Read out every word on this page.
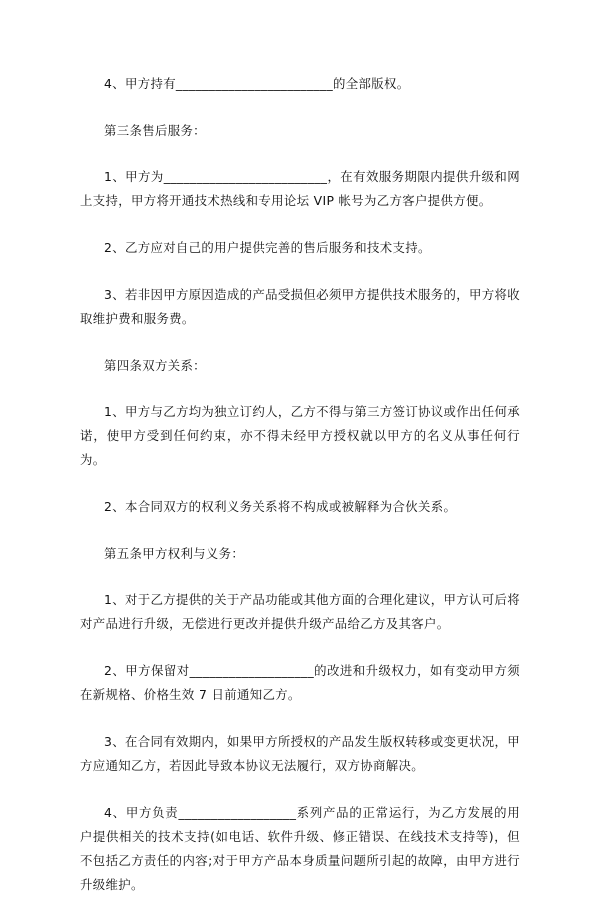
4、甲方持有________________________的全部版权。

第三条售后服务：

1、甲方为_________________________，在有效服务期限内提供升级和网上支持，甲方将开通技术热线和专用论坛 VIP 帐号为乙方客户提供方便。

2、乙方应对自己的用户提供完善的售后服务和技术支持。

3、若非因甲方原因造成的产品受损但必须甲方提供技术服务的，甲方将收取维护费和服务费。

第四条双方关系：

1、甲方与乙方均为独立订约人，乙方不得与第三方签订协议或作出任何承诺，使甲方受到任何约束，亦不得未经甲方授权就以甲方的名义从事任何行为。

2、本合同双方的权利义务关系将不构成或被解释为合伙关系。

第五条甲方权利与义务：

1、对于乙方提供的关于产品功能或其他方面的合理化建议，甲方认可后将对产品进行升级，无偿进行更改并提供升级产品给乙方及其客户。

2、甲方保留对___________________的改进和升级权力，如有变动甲方须在新规格、价格生效 7 日前通知乙方。

3、在合同有效期内，如果甲方所授权的产品发生版权转移或变更状况，甲方应通知乙方，若因此导致本协议无法履行，双方协商解决。

4、甲方负责__________________系列产品的正常运行，为乙方发展的用户提供相关的技术支持(如电话、软件升级、修正错误、在线技术支持等)，但不包括乙方责任的内容;对于甲方产品本身质量问题所引起的故障，由甲方进行升级维护。
